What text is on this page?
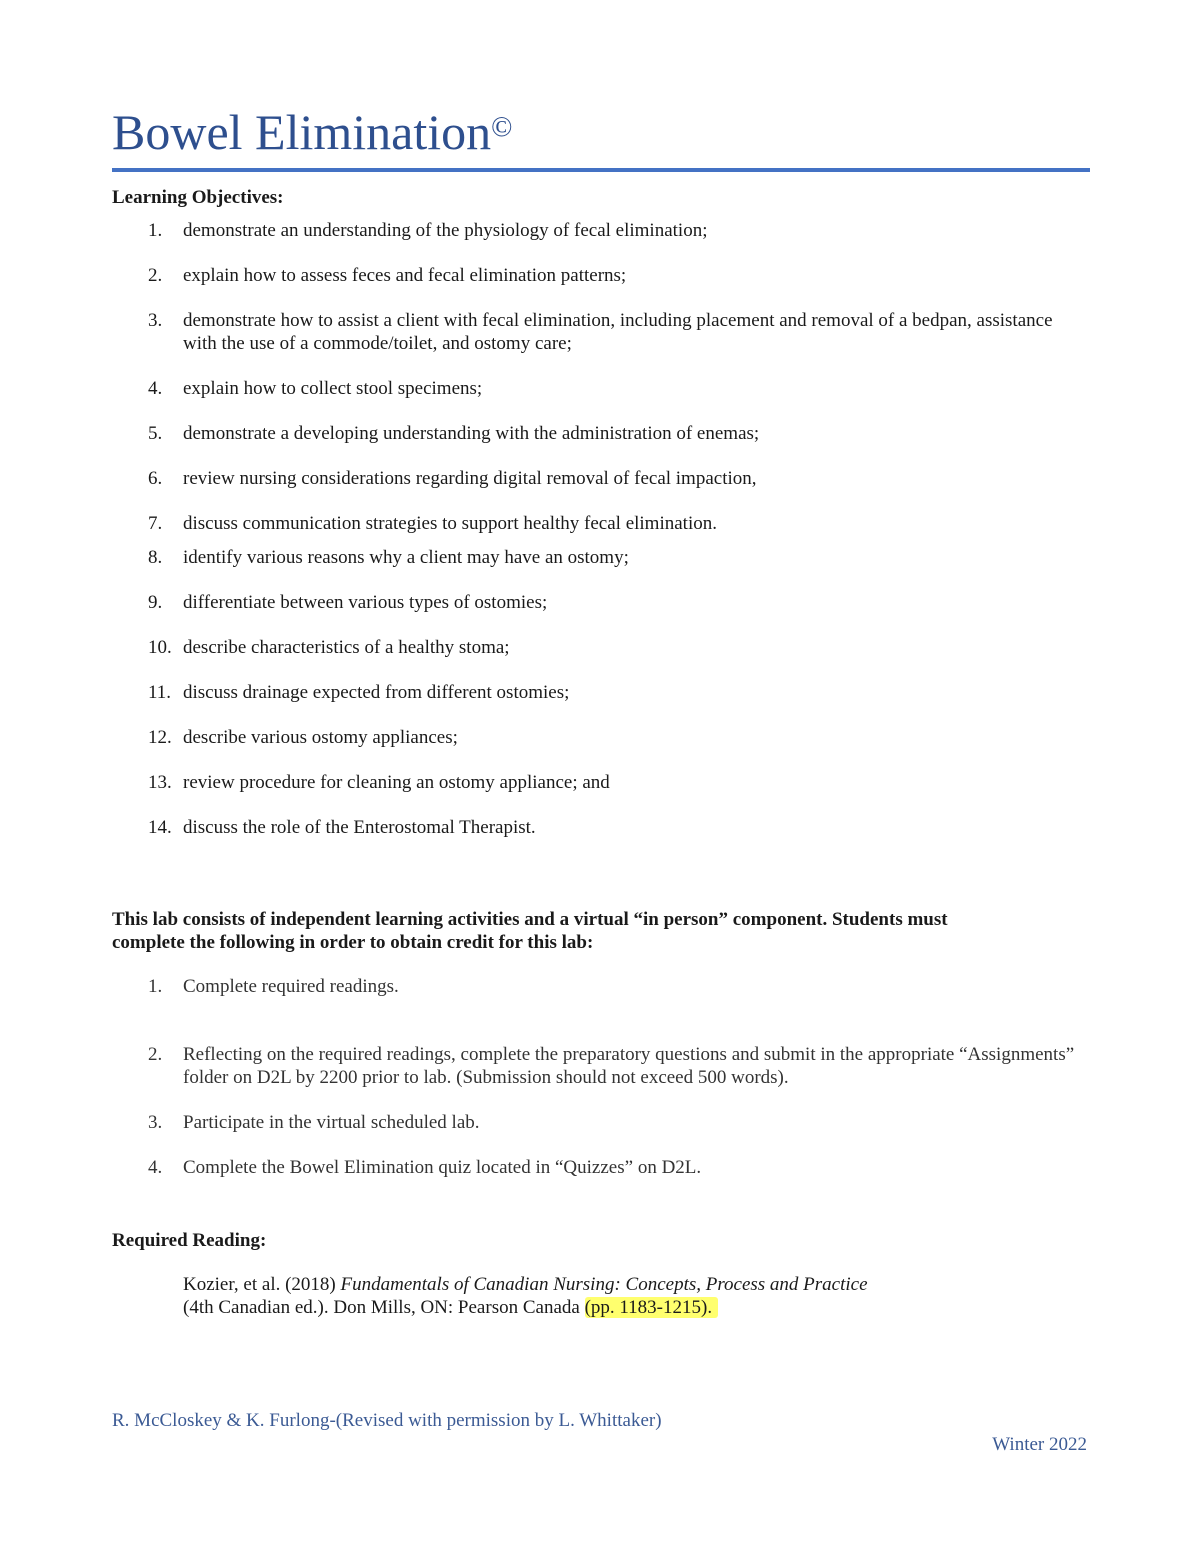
Bowel Elimination©
Learning Objectives:
1. demonstrate an understanding of the physiology of fecal elimination;
2. explain how to assess feces and fecal elimination patterns;
3. demonstrate how to assist a client with fecal elimination, including placement and removal of a bedpan, assistance with the use of a commode/toilet, and ostomy care;
4. explain how to collect stool specimens;
5. demonstrate a developing understanding with the administration of enemas;
6. review nursing considerations regarding digital removal of fecal impaction,
7. discuss communication strategies to support healthy fecal elimination.
8. identify various reasons why a client may have an ostomy;
9. differentiate between various types of ostomies;
10. describe characteristics of a healthy stoma;
11. discuss drainage expected from different ostomies;
12. describe various ostomy appliances;
13. review procedure for cleaning an ostomy appliance; and
14. discuss the role of the Enterostomal Therapist.

This lab consists of independent learning activities and a virtual “in person” component. Students must complete the following in order to obtain credit for this lab:

1. Complete required readings.
2. Reflecting on the required readings, complete the preparatory questions and submit in the appropriate “Assignments” folder on D2L by 2200 prior to lab. (Submission should not exceed 500 words).
3. Participate in the virtual scheduled lab.
4. Complete the Bowel Elimination quiz located in “Quizzes” on D2L.
Required Reading:

Kozier, et al. (2018) Fundamentals of Canadian Nursing: Concepts, Process and Practice
(4th Canadian ed.). Don Mills, ON: Pearson Canada (pp. 1183-1215).

R. McCloskey & K. Furlong-(Revised with permission by L. Whittaker)
Winter 2022
